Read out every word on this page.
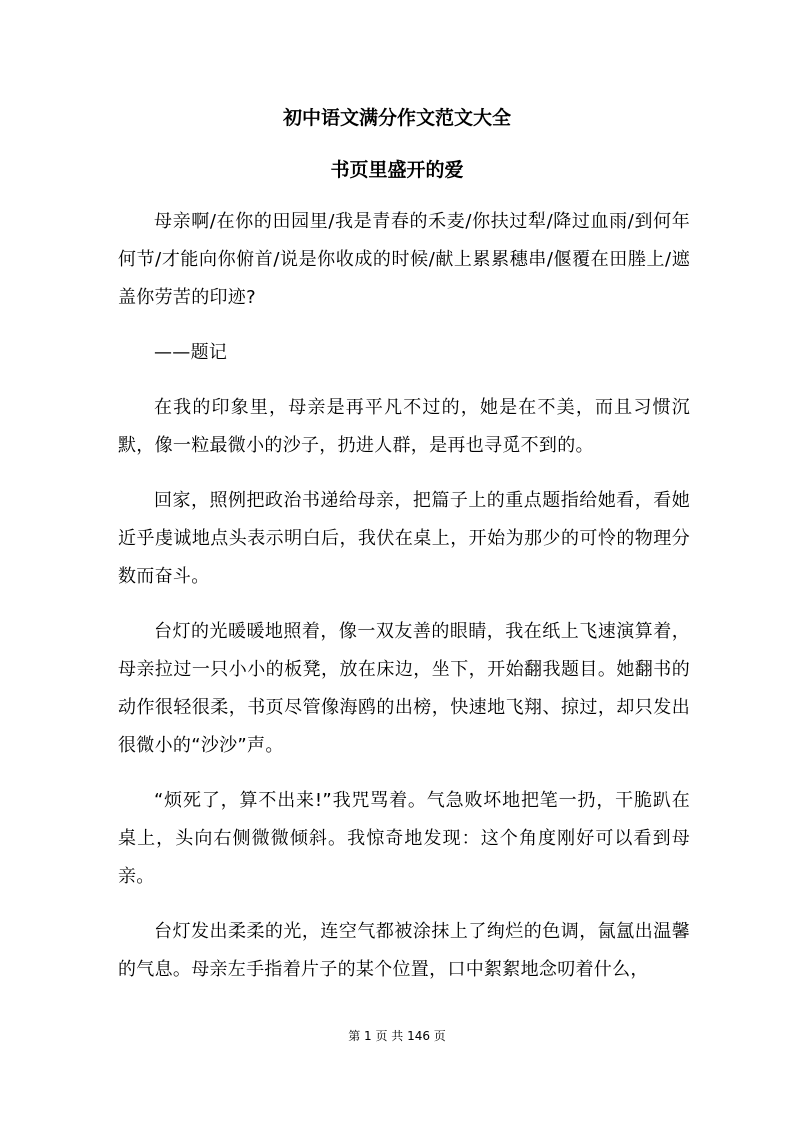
初中语文满分作文范文大全
书页里盛开的爱

母亲啊/在你的田园里/我是青春的禾麦/你扶过犁/降过血雨/到何年何节/才能向你俯首/说是你收成的时候/献上累累穗串/偃覆在田塍上/遮盖你劳苦的印迹?

——题记

在我的印象里，母亲是再平凡不过的，她是在不美，而且习惯沉默，像一粒最微小的沙子，扔进人群，是再也寻觅不到的。

回家，照例把政治书递给母亲，把篇子上的重点题指给她看，看她近乎虔诚地点头表示明白后，我伏在桌上，开始为那少的可怜的物理分数而奋斗。

台灯的光暖暖地照着，像一双友善的眼睛，我在纸上飞速演算着，母亲拉过一只小小的板凳，放在床边，坐下，开始翻我题目。她翻书的动作很轻很柔，书页尽管像海鸥的出榜，快速地飞翔、掠过，却只发出很微小的“沙沙”声。

“烦死了，算不出来!”我咒骂着。气急败坏地把笔一扔，干脆趴在桌上，头向右侧微微倾斜。我惊奇地发现：这个角度刚好可以看到母亲。

台灯发出柔柔的光，连空气都被涂抹上了绚烂的色调，氤氲出温馨的气息。母亲左手指着片子的某个位置，口中絮絮地念叨着什么，

第 1 页 共 146 页
